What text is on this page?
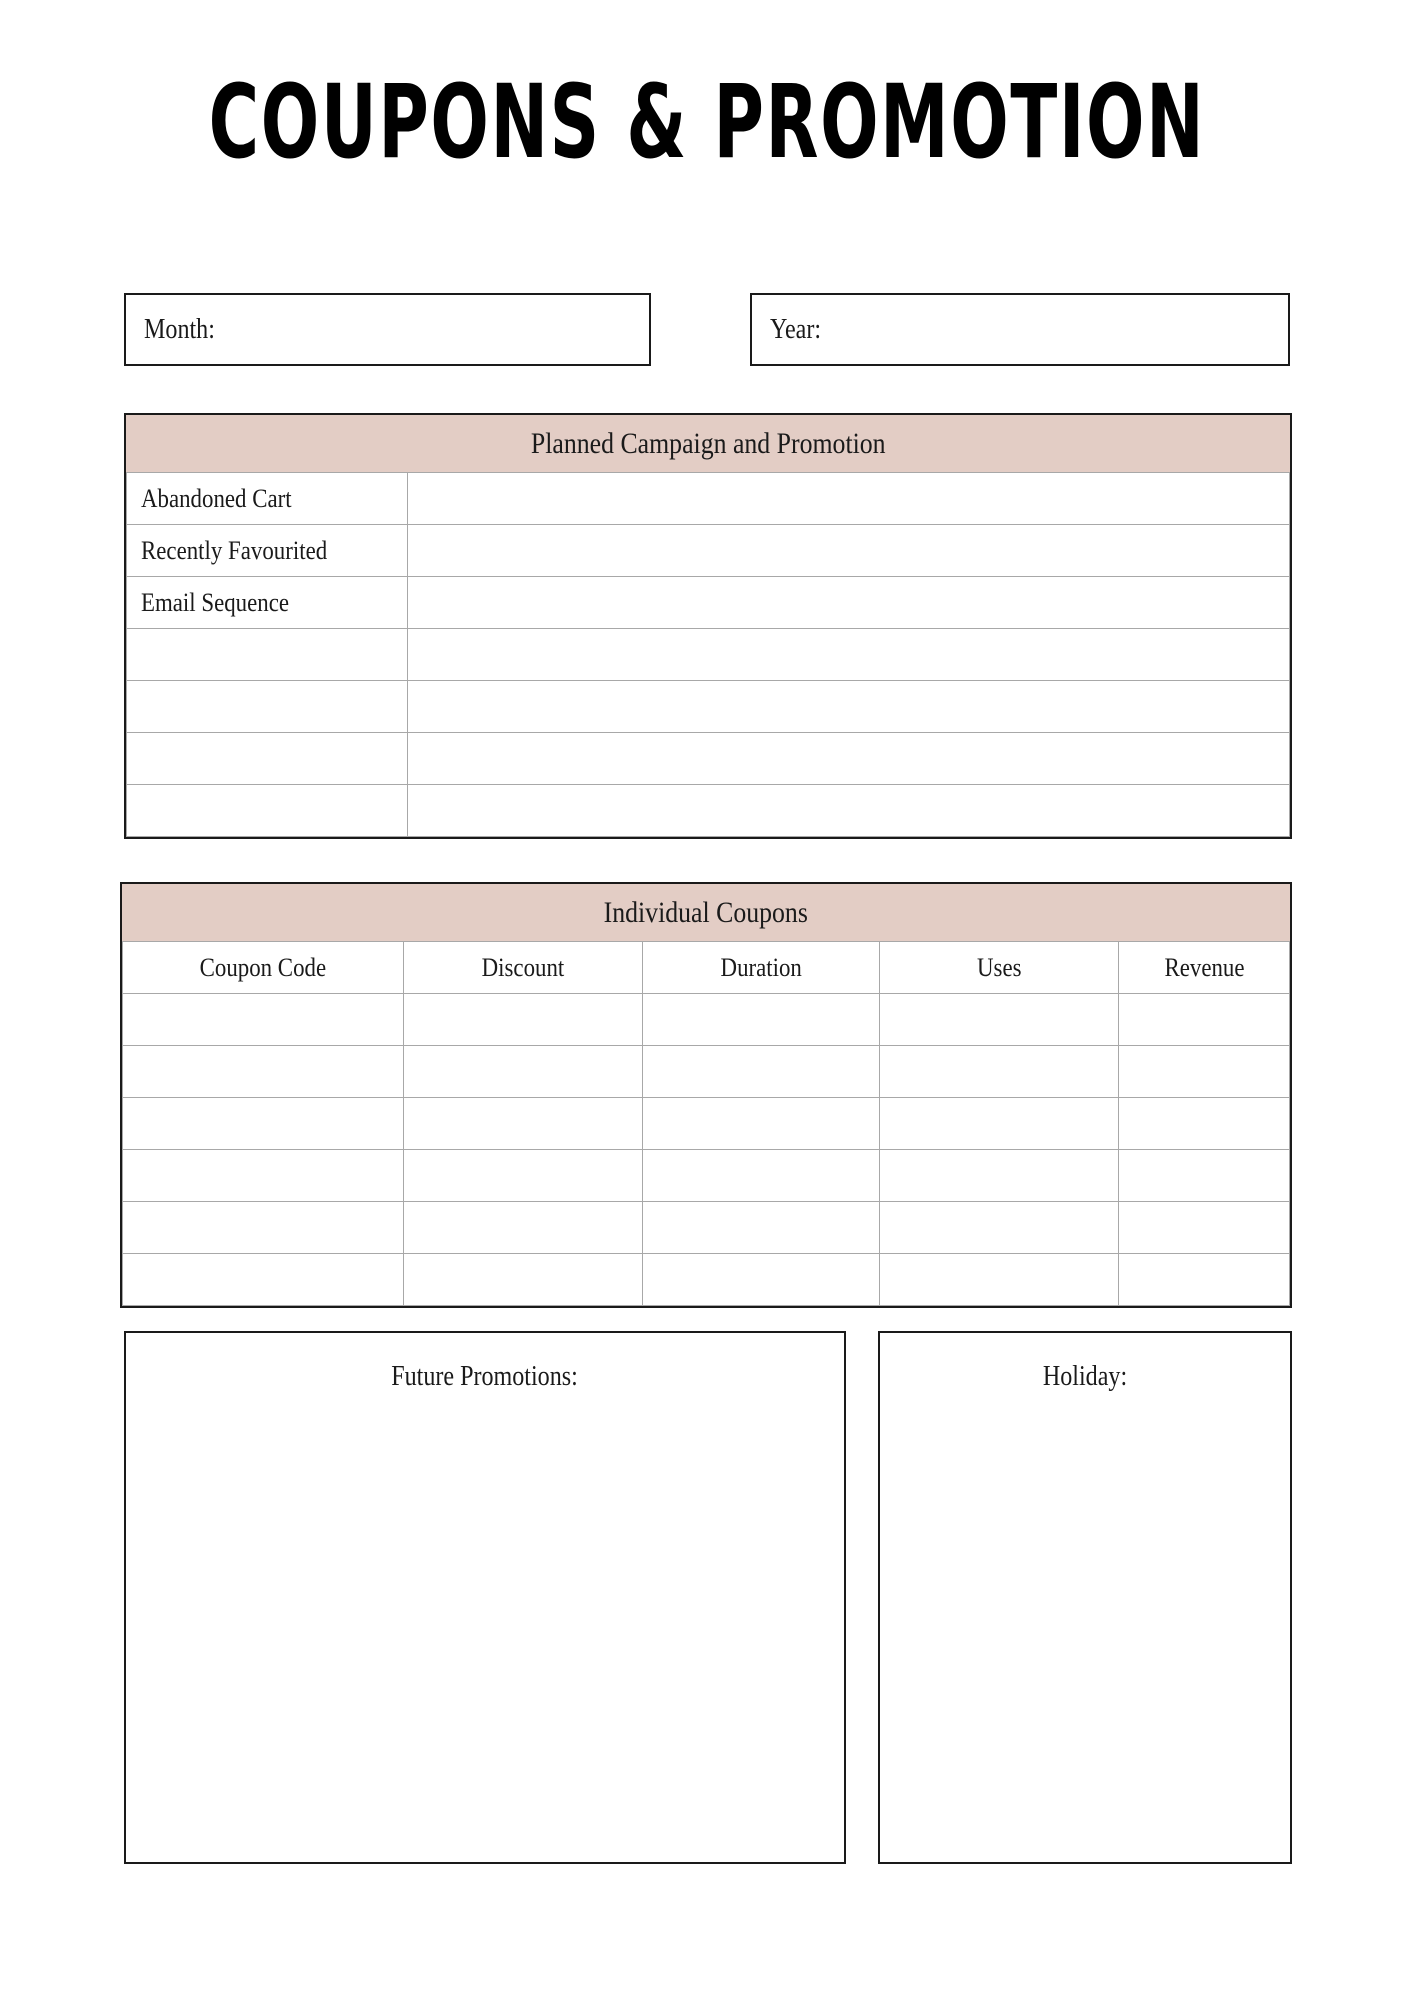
COUPONS & PROMOTION
Month:	Year:
Planned Campaign and Promotion
Abandoned Cart	
Recently Favourited	
Email Sequence	

Individual Coupons
Coupon Code	Discount	Duration	Uses	Revenue

Future Promotions:	Holiday:
